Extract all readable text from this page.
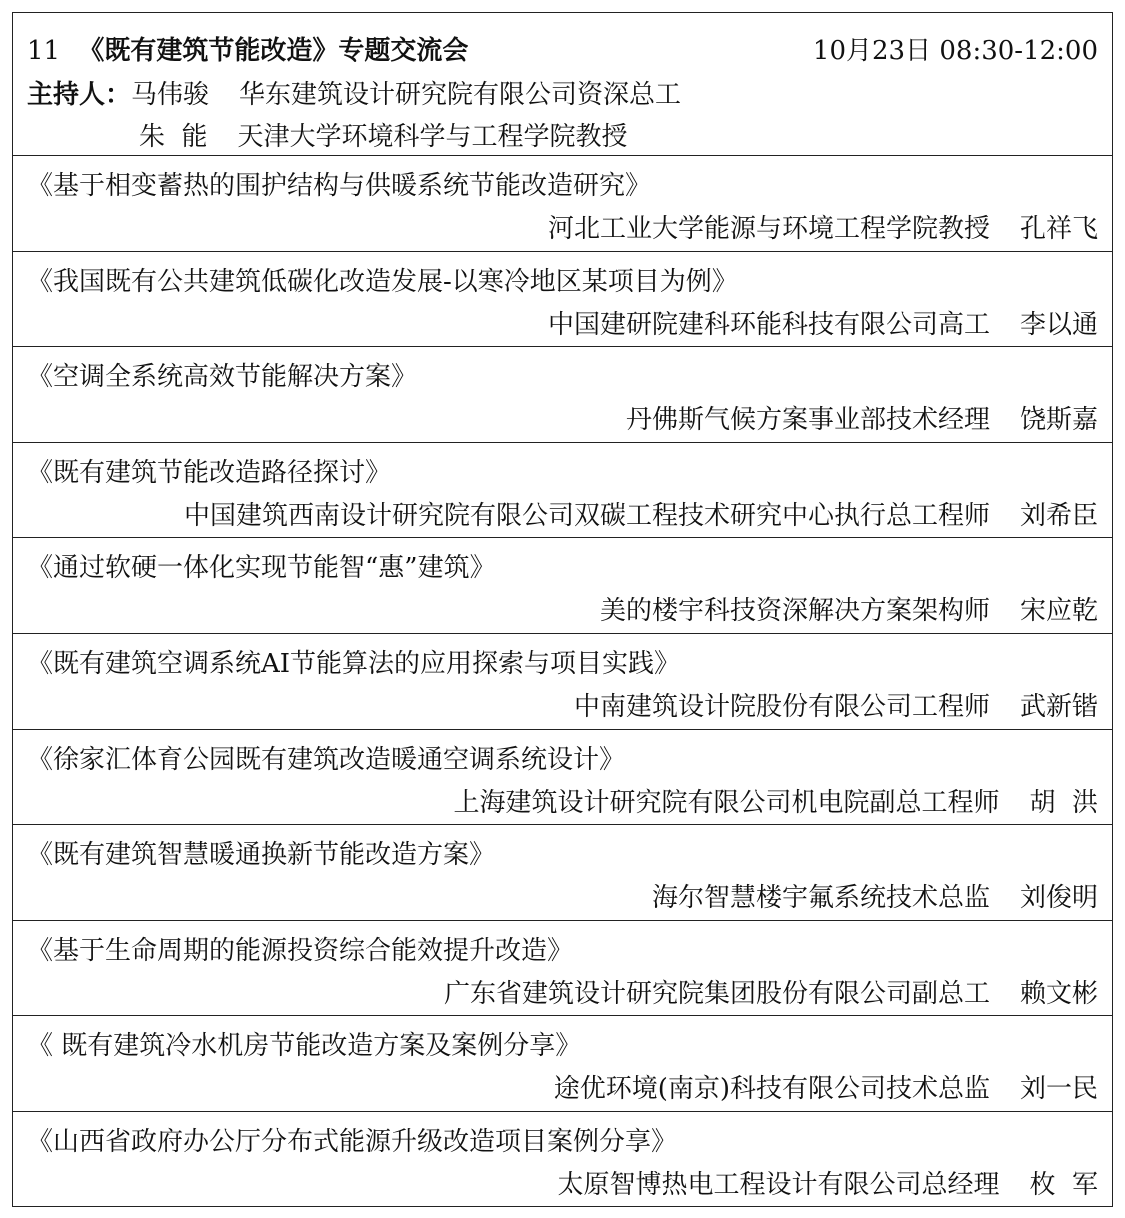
11 《既有建筑节能改造》专题交流会	10月23日 08:30-12:00
主持人：马伟骏 华东建筑设计研究院有限公司资深总工
朱  能 天津大学环境科学与工程学院教授
《基于相变蓄热的围护结构与供暖系统节能改造研究》
河北工业大学能源与环境工程学院教授 孔祥飞
《我国既有公共建筑低碳化改造发展-以寒冷地区某项目为例》
中国建研院建科环能科技有限公司高工 李以通
《空调全系统高效节能解决方案》
丹佛斯气候方案事业部技术经理 饶斯嘉
《既有建筑节能改造路径探讨》
中国建筑西南设计研究院有限公司双碳工程技术研究中心执行总工程师 刘希臣
《通过软硬一体化实现节能智“惠”建筑》
美的楼宇科技资深解决方案架构师 宋应乾
《既有建筑空调系统AI节能算法的应用探索与项目实践》
中南建筑设计院股份有限公司工程师 武新锴
《徐家汇体育公园既有建筑改造暖通空调系统设计》
上海建筑设计研究院有限公司机电院副总工程师 胡  洪
《既有建筑智慧暖通换新节能改造方案》
海尔智慧楼宇氟系统技术总监 刘俊明
《基于生命周期的能源投资综合能效提升改造》
广东省建筑设计研究院集团股份有限公司副总工 赖文彬
《 既有建筑冷水机房节能改造方案及案例分享》
途优环境(南京)科技有限公司技术总监 刘一民
《山西省政府办公厅分布式能源升级改造项目案例分享》
太原智博热电工程设计有限公司总经理 枚  军
